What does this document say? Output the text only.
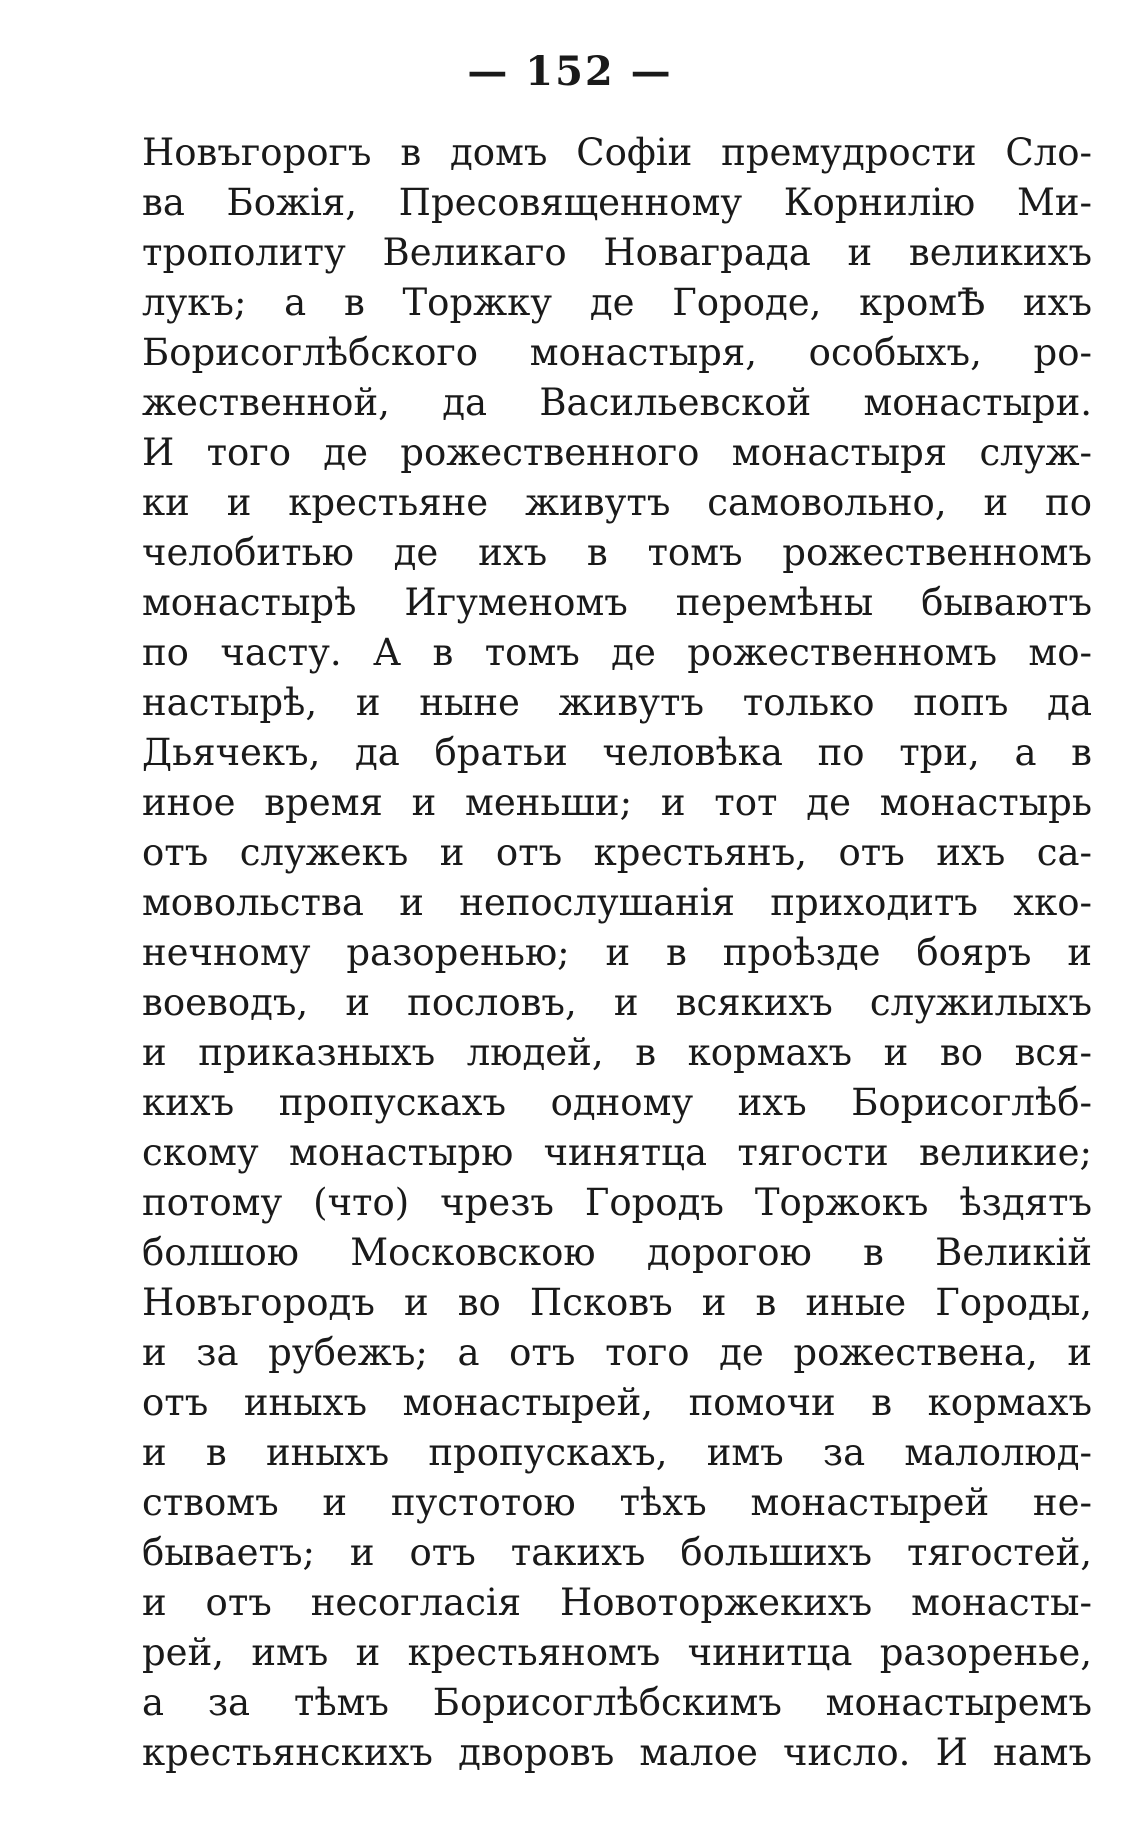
— 152 —
Новъгорогъ в домъ Софіи премудрости Сло-
ва Божія, Пресовященному Корнилію Ми-
трополиту Великаго Новаграда и великихъ
лукъ; а в Торжку де Городе, кромѢ ихъ
Борисоглѣбского монастыря, особыхъ, ро-
жественной, да Васильевской монастыри.
И того де рожественного монастыря служ-
ки и крестьяне живутъ самовольно, и по
челобитью де ихъ в томъ рожественномъ
монастырѣ Игуменомъ перемѣны бываютъ
по часту. А в томъ де рожественномъ мо-
настырѣ, и ныне живутъ только попъ да
Дьячекъ, да братьи человѣка по три, а в
иное время и меньши; и тот де монастырь
отъ служекъ и отъ крестьянъ, отъ ихъ са-
мовольства и непослушанія приходитъ хко-
нечному разоренью; и в проѣзде бояръ и
воеводъ, и пословъ, и всякихъ служилыхъ
и приказныхъ людей, в кормахъ и во вся-
кихъ пропускахъ одному ихъ Борисоглѣб-
скому монастырю чинятца тягости великие;
потому (что) чрезъ Городъ Торжокъ ѣздятъ
болшою Московскою дорогою в Великій
Новъгородъ и во Псковъ и в иные Городы,
и за рубежъ; а отъ того де рожествена, и
отъ иныхъ монастырей, помочи в кормахъ
и в иныхъ пропускахъ, имъ за малолюд-
ствомъ и пустотою тѣхъ монастырей не-
бываетъ; и отъ такихъ большихъ тягостей,
и отъ несогласія Новоторжекихъ монасты-
рей, имъ и крестьяномъ чинитца разоренье,
а за тѣмъ Борисоглѣбскимъ монастыремъ
крестьянскихъ дворовъ малое число. И намъ
